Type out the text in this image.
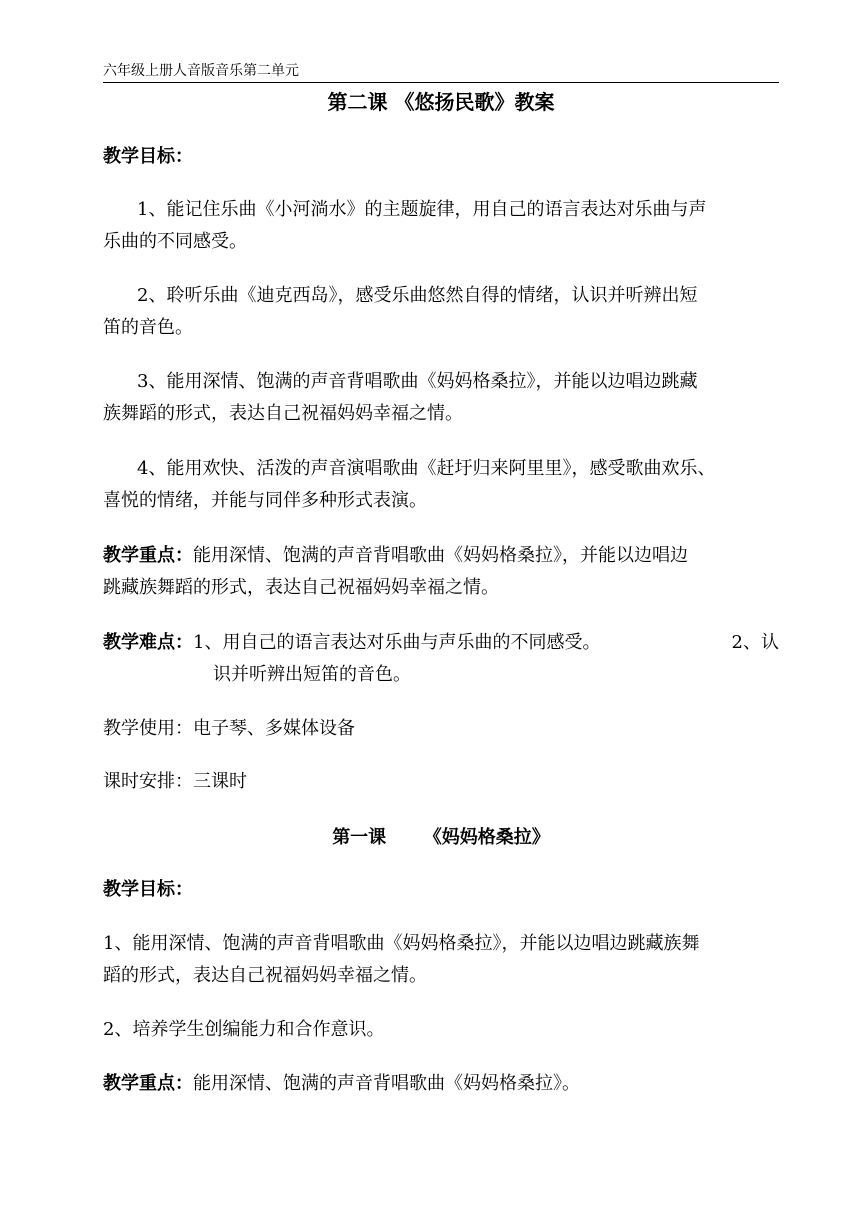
六年级上册人音版音乐第二单元
第二课 《悠扬民歌》教案
教学目标：
1、能记住乐曲《小河淌水》的主题旋律，用自己的语言表达对乐曲与声
乐曲的不同感受。
2、聆听乐曲《迪克西岛》，感受乐曲悠然自得的情绪，认识并听辨出短
笛的音色。
3、能用深情、饱满的声音背唱歌曲《妈妈格桑拉》，并能以边唱边跳藏
族舞蹈的形式，表达自己祝福妈妈幸福之情。
4、能用欢快、活泼的声音演唱歌曲《赶圩归来阿里里》，感受歌曲欢乐、
喜悦的情绪，并能与同伴多种形式表演。
教学重点：能用深情、饱满的声音背唱歌曲《妈妈格桑拉》，并能以边唱边
跳藏族舞蹈的形式，表达自己祝福妈妈幸福之情。
教学难点：1、用自己的语言表达对乐曲与声乐曲的不同感受。	2、认
识并听辨出短笛的音色。
教学使用：电子琴、多媒体设备
课时安排：三课时
第一课      《妈妈格桑拉》
教学目标：
1、能用深情、饱满的声音背唱歌曲《妈妈格桑拉》，并能以边唱边跳藏族舞
蹈的形式，表达自己祝福妈妈幸福之情。
2、培养学生创编能力和合作意识。
教学重点：能用深情、饱满的声音背唱歌曲《妈妈格桑拉》。
